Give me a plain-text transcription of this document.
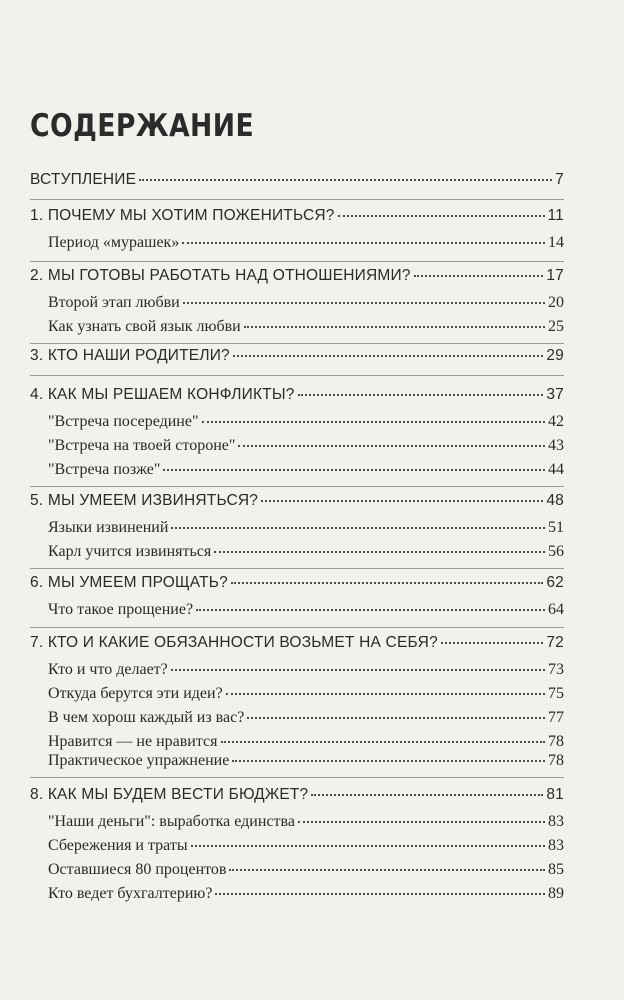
СОДЕРЖАНИЕ
ВСТУПЛЕНИЕ	7
1. ПОЧЕМУ МЫ ХОТИМ ПОЖЕНИТЬСЯ?	11
Период «мурашек»	14
2. МЫ ГОТОВЫ РАБОТАТЬ НАД ОТНОШЕНИЯМИ?	17
Второй этап любви	20
Как узнать свой язык любви	25
3. КТО НАШИ РОДИТЕЛИ?	29
4. КАК МЫ РЕШАЕМ КОНФЛИКТЫ?	37
"Встреча посередине"	42
"Встреча на твоей стороне"	43
"Встреча позже"	44
5. МЫ УМЕЕМ ИЗВИНЯТЬСЯ?	48
Языки извинений	51
Карл учится извиняться	56
6. МЫ УМЕЕМ ПРОЩАТЬ?	62
Что такое прощение?	64
7. КТО И КАКИЕ ОБЯЗАННОСТИ ВОЗЬМЕТ НА СЕБЯ?	72
Кто и что делает?	73
Откуда берутся эти идеи?	75
В чем хорош каждый из вас?	77
Нравится — не нравится	78
Практическое упражнение	78
8. КАК МЫ БУДЕМ ВЕСТИ БЮДЖЕТ?	81
"Наши деньги": выработка единства	83
Сбережения и траты	83
Оставшиеся 80 процентов	85
Кто ведет бухгалтерию?	89
